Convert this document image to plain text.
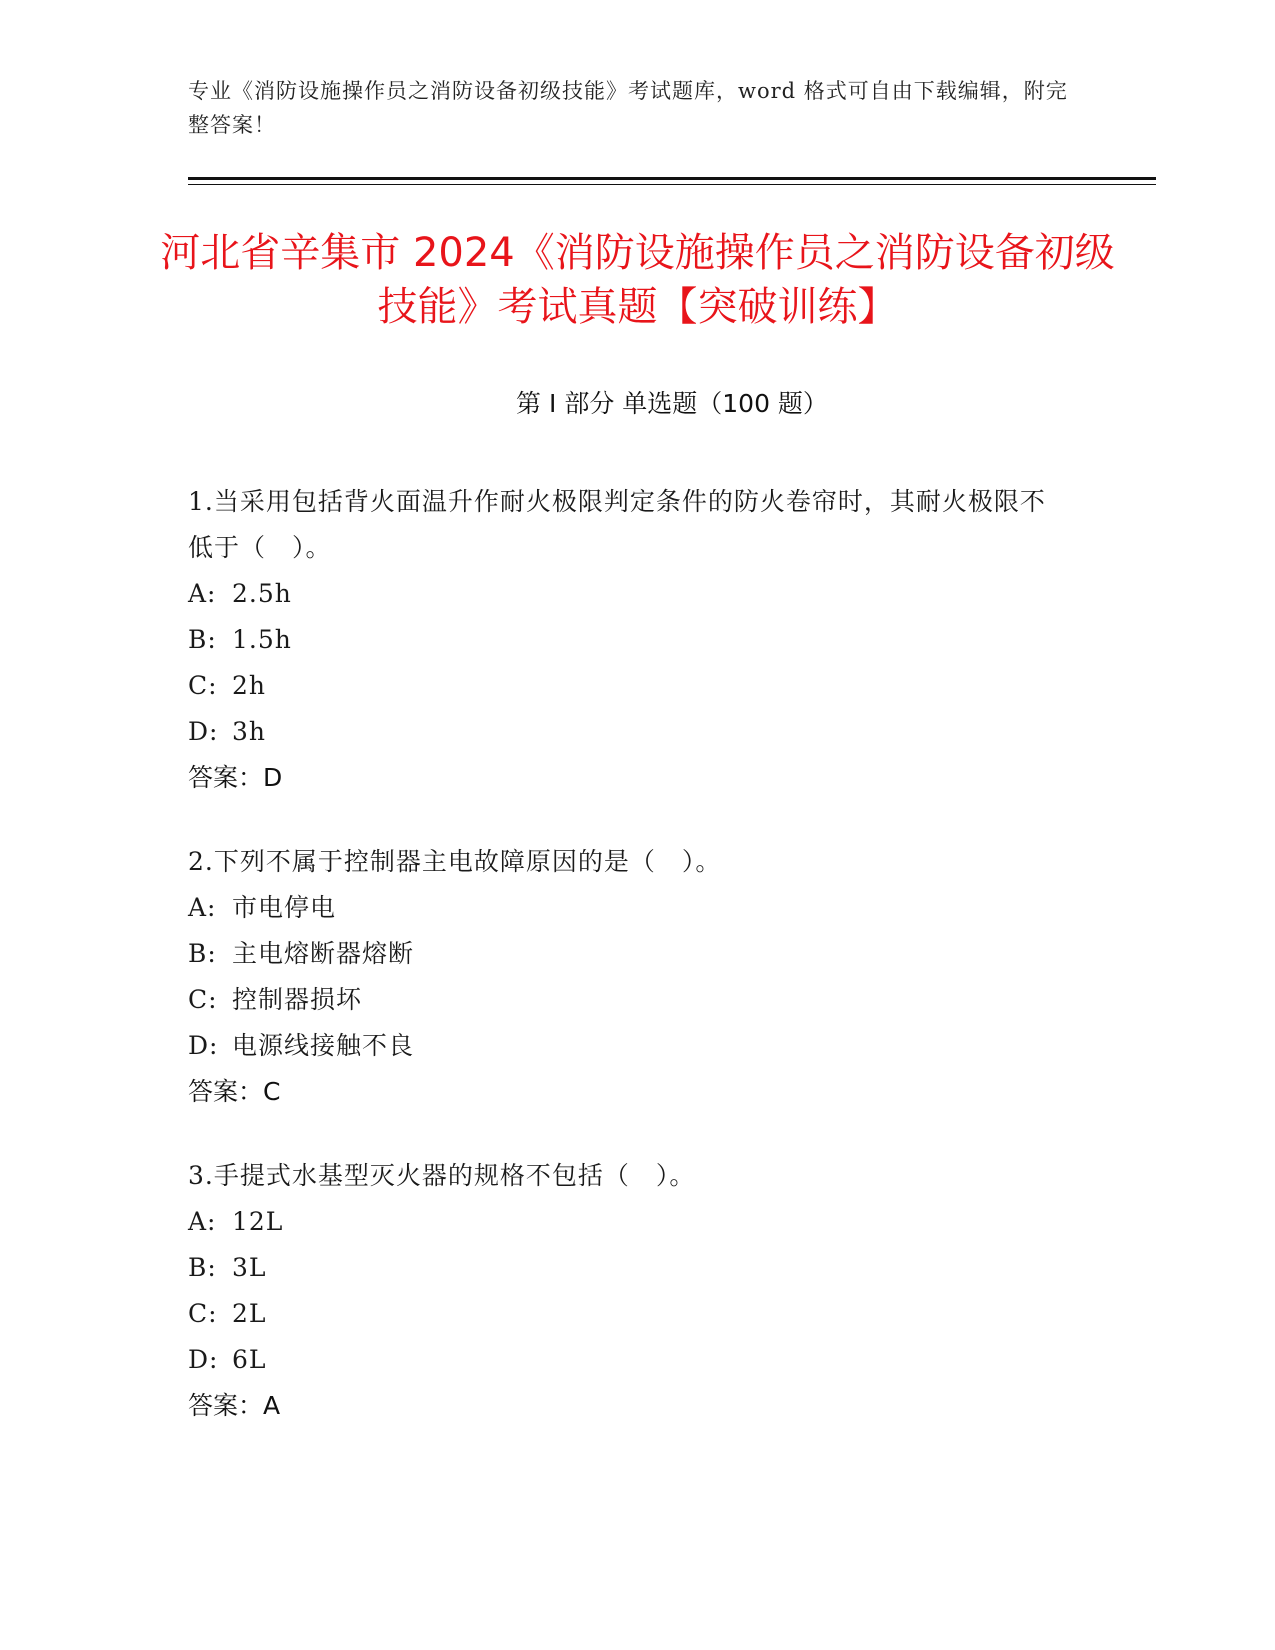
专业《消防设施操作员之消防设备初级技能》考试题库，word 格式可自由下载编辑，附完整答案！
河北省辛集市 2024《消防设施操作员之消防设备初级技能》考试真题【突破训练】
第 I 部分 单选题（100 题）
1.当采用包括背火面温升作耐火极限判定条件的防火卷帘时，其耐火极限不低于（　）。
A: 2.5h
B: 1.5h
C: 2h
D: 3h
答案：D
2.下列不属于控制器主电故障原因的是（　）。
A: 市电停电
B: 主电熔断器熔断
C: 控制器损坏
D: 电源线接触不良
答案：C
3.手提式水基型灭火器的规格不包括（　）。
A: 12L
B: 3L
C: 2L
D: 6L
答案：A
